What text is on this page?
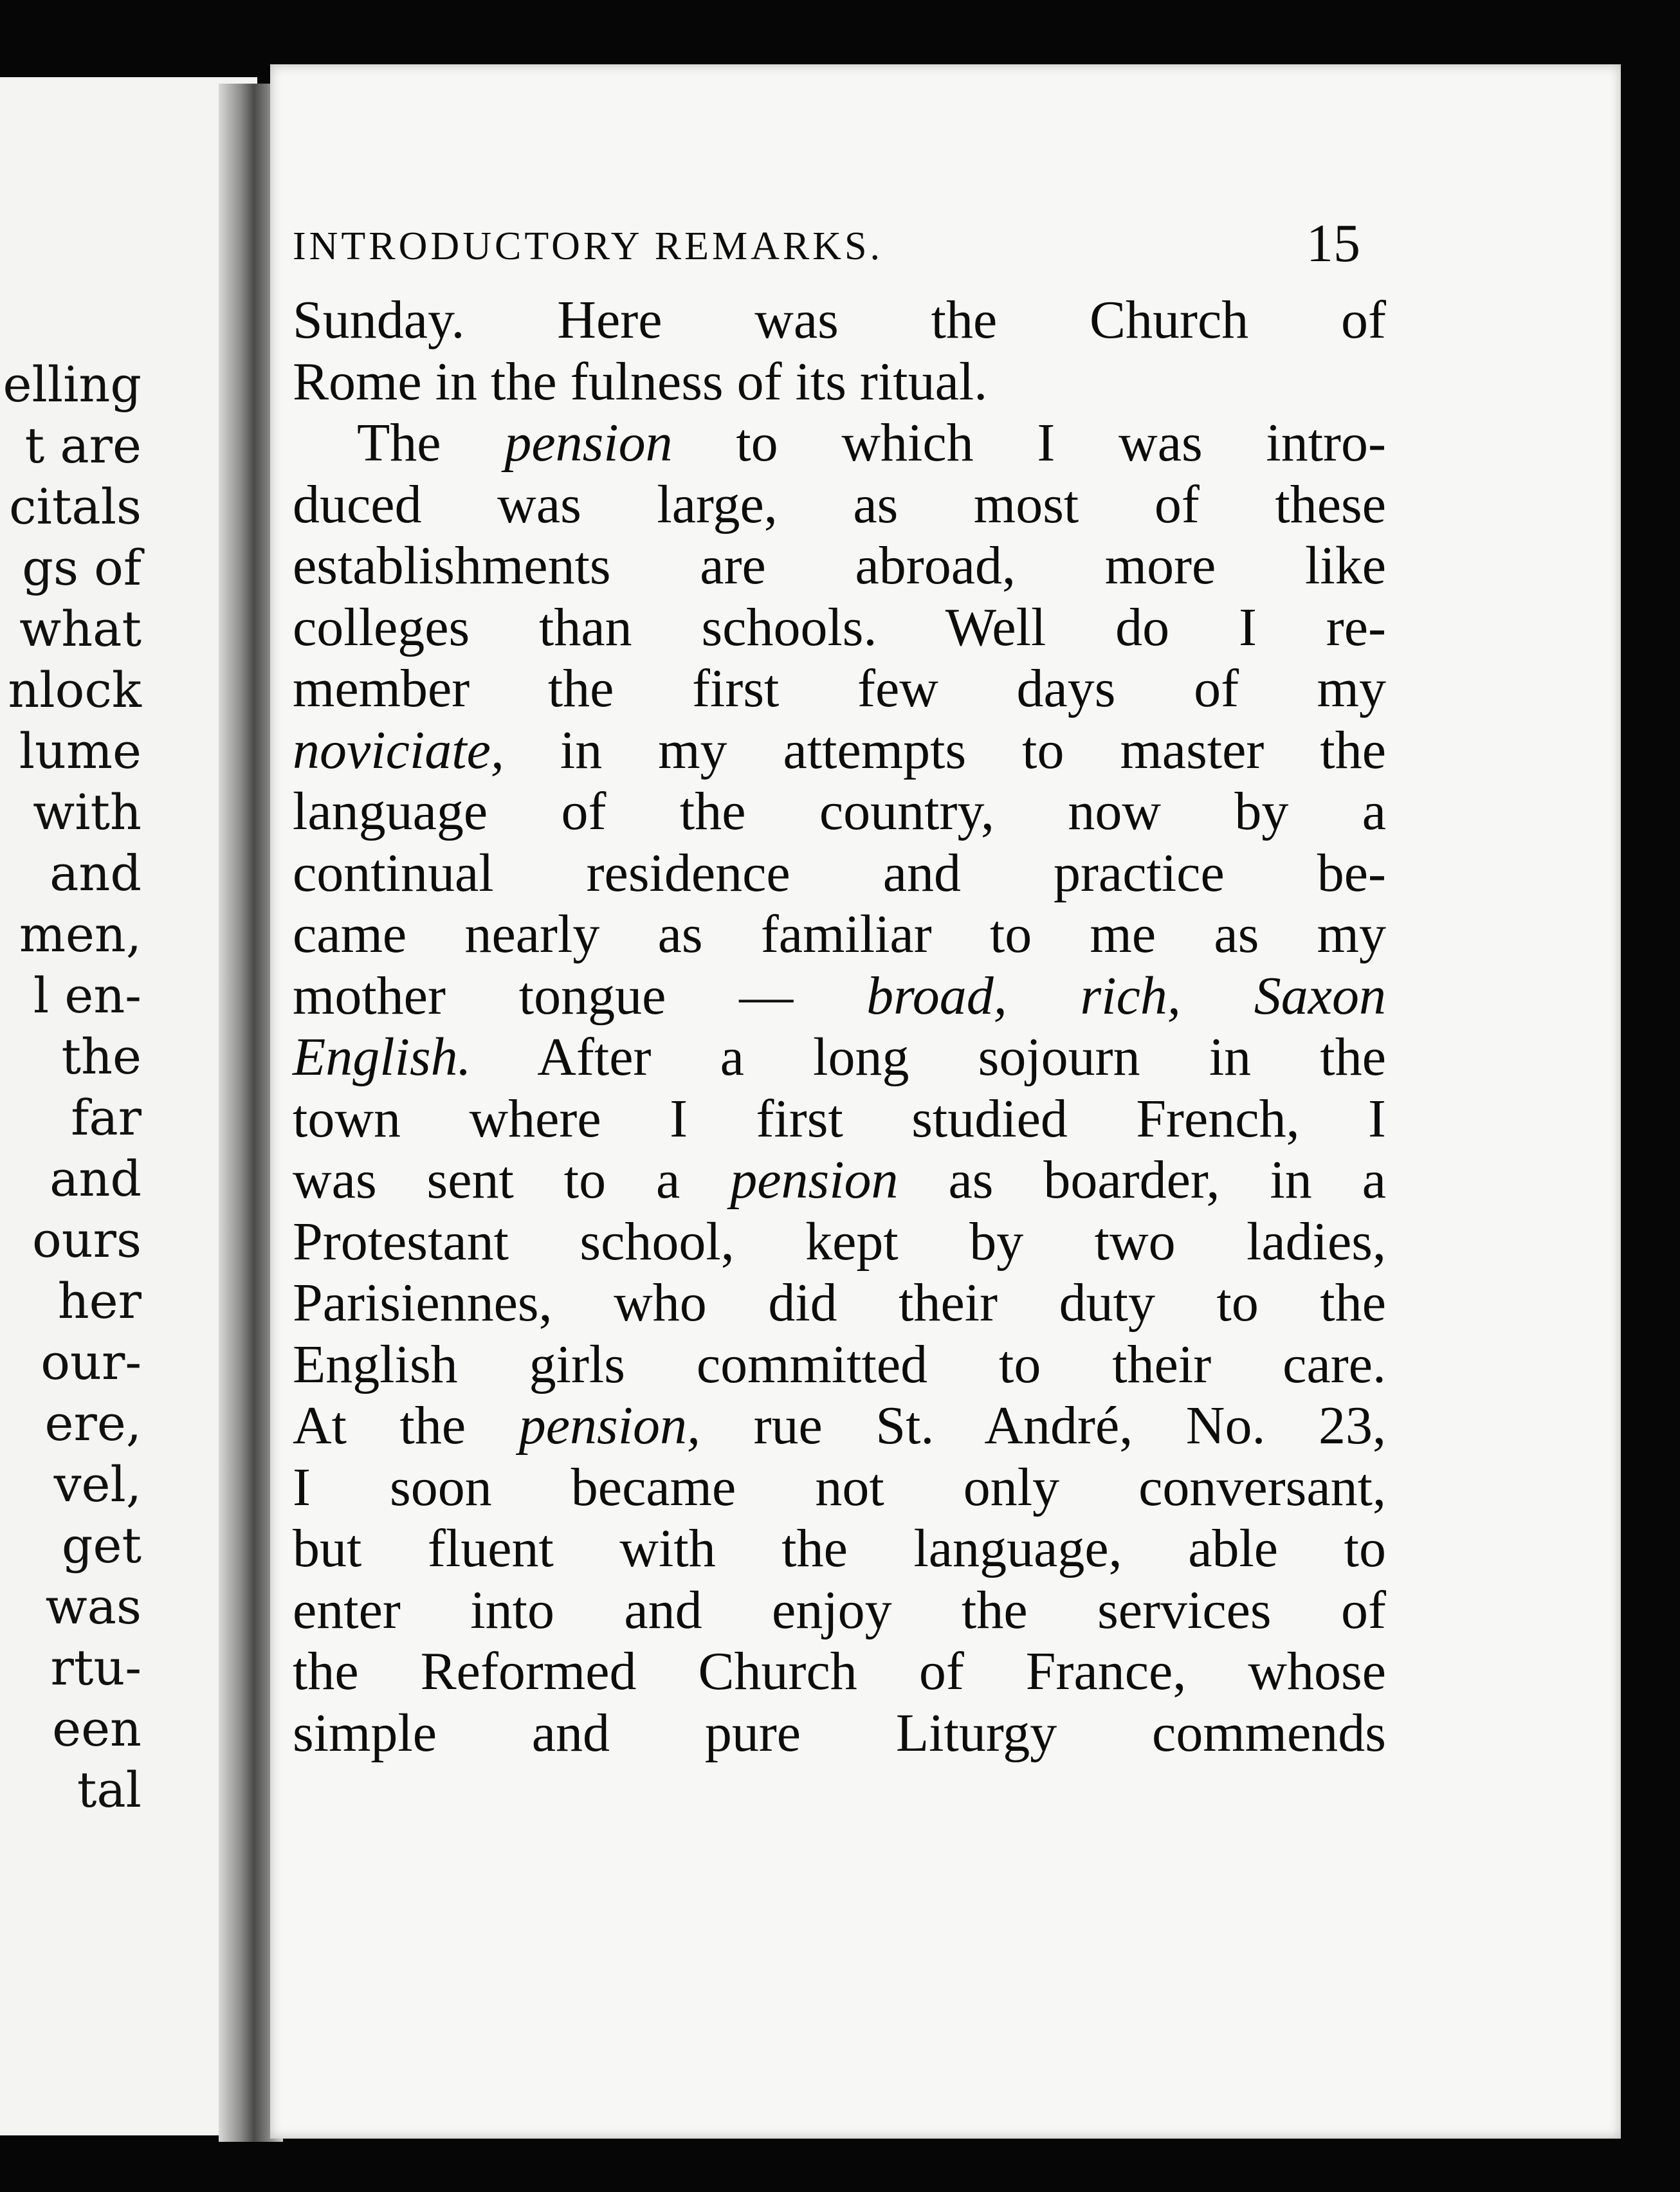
elling
t are
citals
gs of
what
nlock
lume
with
and
men,
l en-
the
far
and
ours
her
our-
ere,
vel,
get
was
rtu-
een
tal
INTRODUCTORY REMARKS.	15
Sunday. Here was the Church of
Rome in the fulness of its ritual.
The pension to which I was intro-
duced was large, as most of these
establishments are abroad, more like
colleges than schools. Well do I re-
member the first few days of my
noviciate, in my attempts to master the
language of the country, now by a
continual residence and practice be-
came nearly as familiar to me as my
mother tongue — broad, rich, Saxon
English. After a long sojourn in the
town where I first studied French, I
was sent to a pension as boarder, in a
Protestant school, kept by two ladies,
Parisiennes, who did their duty to the
English girls committed to their care.
At the pension, rue St. André, No. 23,
I soon became not only conversant,
but fluent with the language, able to
enter into and enjoy the services of
the Reformed Church of France, whose
simple and pure Liturgy commends
